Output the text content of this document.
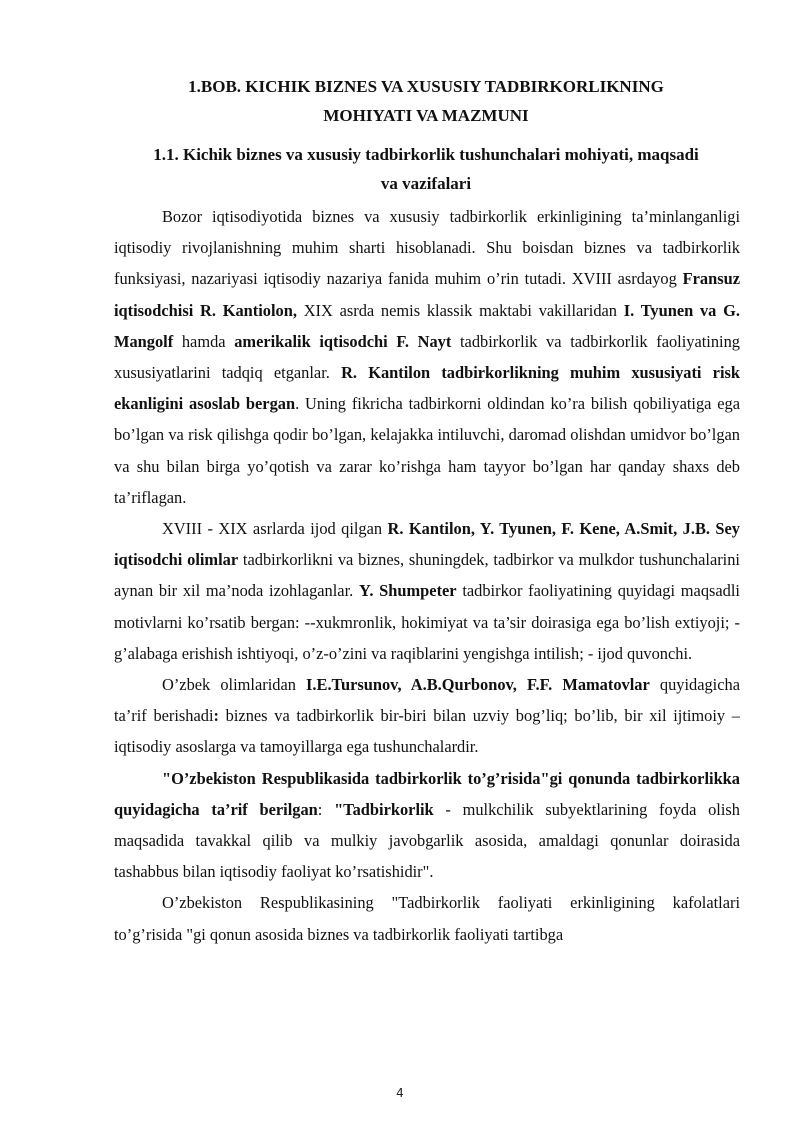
1.BOB. KICHIK BIZNES VA XUSUSIY TADBIRKORLIKNING
MOHIYATI VA MAZMUNI
1.1. Kichik biznes va xususiy tadbirkorlik tushunchalari mohiyati, maqsadi
va vazifalari

Bozor iqtisodiyotida biznes va xususiy tadbirkorlik erkinligining ta’minlanganligi iqtisodiy rivojlanishning muhim sharti hisoblanadi. Shu boisdan biznes va tadbirkorlik funksiyasi, nazariyasi iqtisodiy nazariya fanida muhim o’rin tutadi. XVIII asrdayog Fransuz iqtisodchisi R. Kantiolon, XIX asrda nemis klassik maktabi vakillaridan I. Tyunen va G. Mangolf hamda amerikalik iqtisodchi F. Nayt tadbirkorlik va tadbirkorlik faoliyatining xususiyatlarini tadqiq etganlar. R. Kantilon tadbirkorlikning muhim xususiyati risk ekanligini asoslab bergan. Uning fikricha tadbirkorni oldindan ko’ra bilish qobiliyatiga ega bo’lgan va risk qilishga qodir bo’lgan, kelajakka intiluvchi, daromad olishdan umidvor bo’lgan va shu bilan birga yo’qotish va zarar ko’rishga ham tayyor bo’lgan har qanday shaxs deb ta’riflagan.

XVIII - XIX asrlarda ijod qilgan R. Kantilon, Y. Tyunen, F. Kene, A.Smit, J.B. Sey iqtisodchi olimlar tadbirkorlikni va biznes, shuningdek, tadbirkor va mulkdor tushunchalarini aynan bir xil ma’noda izohlaganlar. Y. Shumpeter tadbirkor faoliyatining quyidagi maqsadli motivlarni ko’rsatib bergan: --xukmronlik, hokimiyat va ta’sir doirasiga ega bo’lish extiyoji; - g’alabaga erishish ishtiyoqi, o’z-o’zini va raqiblarini yengishga intilish; - ijod quvonchi.

O’zbek olimlaridan I.E.Tursunov, A.B.Qurbonov, F.F. Mamatovlar quyidagicha ta’rif berishadi: biznes va tadbirkorlik bir-biri bilan uzviy bog’liq; bo’lib, bir xil ijtimoiy – iqtisodiy asoslarga va tamoyillarga ega tushunchalardir.

"O’zbekiston Respublikasida tadbirkorlik to’g’risida"gi qonunda tadbirkorlikka quyidagicha ta’rif berilgan: "Tadbirkorlik - mulkchilik subyektlarining foyda olish maqsadida tavakkal qilib va mulkiy javobgarlik asosida, amaldagi qonunlar doirasida tashabbus bilan iqtisodiy faoliyat ko’rsatishidir".

O’zbekiston Respublikasining "Tadbirkorlik faoliyati erkinligining kafolatlari to’g’risida "gi qonun asosida biznes va tadbirkorlik faoliyati tartibga

4
